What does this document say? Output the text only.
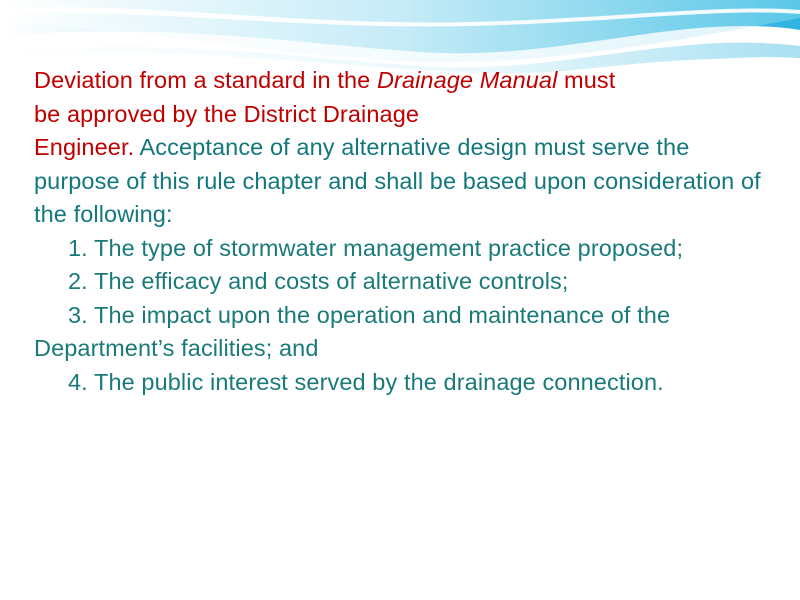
Deviation from a standard in the Drainage Manual must
be approved by the District Drainage
Engineer. Acceptance of any alternative design must serve the purpose of this rule chapter and shall be based upon consideration of the following:
1. The type of stormwater management practice proposed;
2. The efficacy and costs of alternative controls;
3. The impact upon the operation and maintenance of the Department’s facilities; and
4. The public interest served by the drainage connection.
